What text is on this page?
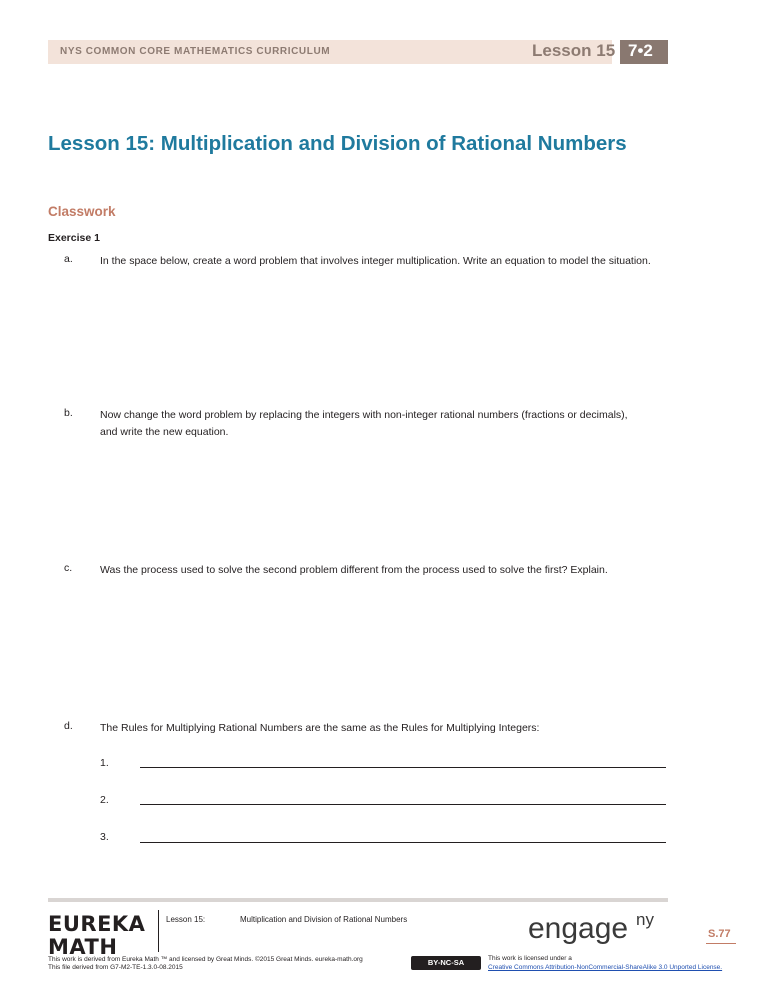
NYS COMMON CORE MATHEMATICS CURRICULUM	Lesson 15 7•2
Lesson 15: Multiplication and Division of Rational Numbers
Classwork
Exercise 1
a.	In the space below, create a word problem that involves integer multiplication. Write an equation to model the situation.
b.	Now change the word problem by replacing the integers with non-integer rational numbers (fractions or decimals), and write the new equation.
c.	Was the process used to solve the second problem different from the process used to solve the first? Explain.
d.	The Rules for Multiplying Rational Numbers are the same as the Rules for Multiplying Integers:
1.
2.
3.
EUREKA
MATH
Lesson 15:	Multiplication and Division of Rational Numbers	engage ny
S.77
This work is derived from Eureka Math ™ and licensed by Great Minds. ©2015 Great Minds. eureka-math.org
This file derived from G7-M2-TE-1.3.0-08.2015
BY-NC-SA	This work is licensed under a
Creative Commons Attribution-NonCommercial-ShareAlike 3.0 Unported License.
